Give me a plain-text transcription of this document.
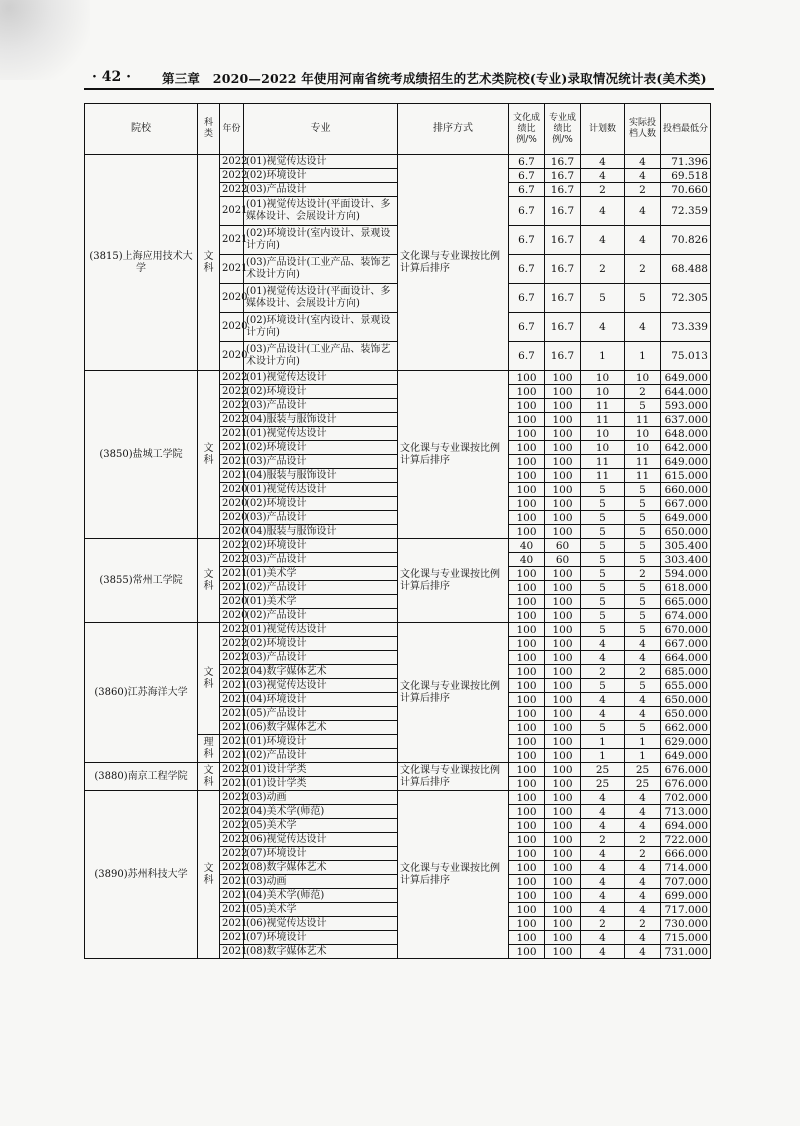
· 42 · 第三章　2020—2022 年使用河南省统考成绩招生的艺术类院校(专业)录取情况统计表(美术类)
院校	科类	年份	专业	排序方式	文化成绩比例/%	专业成绩比例/%	计划数	实际投档人数	投档最低分
(3815)上海应用技术大学	文科	2022	(01)视觉传达设计	文化课与专业课按比例计算后排序	6.7	16.7	4	4	71.396
		2022	(02)环境设计		6.7	16.7	4	4	69.518
		2022	(03)产品设计		6.7	16.7	2	2	70.660
		2021	(01)视觉传达设计(平面设计、多媒体设计、会展设计方向)		6.7	16.7	4	4	72.359
		2021	(02)环境设计(室内设计、景观设计方向)		6.7	16.7	4	4	70.826
		2021	(03)产品设计(工业产品、装饰艺术设计方向)		6.7	16.7	2	2	68.488
		2020	(01)视觉传达设计(平面设计、多媒体设计、会展设计方向)		6.7	16.7	5	5	72.305
		2020	(02)环境设计(室内设计、景观设计方向)		6.7	16.7	4	4	73.339
		2020	(03)产品设计(工业产品、装饰艺术设计方向)		6.7	16.7	1	1	75.013
(3850)盐城工学院	文科	2022	(01)视觉传达设计	文化课与专业课按比例计算后排序	100	100	10	10	649.000
		2022	(02)环境设计		100	100	10	2	644.000
		2022	(03)产品设计		100	100	11	5	593.000
		2022	(04)服装与服饰设计		100	100	11	11	637.000
		2021	(01)视觉传达设计		100	100	10	10	648.000
		2021	(02)环境设计		100	100	10	10	642.000
		2021	(03)产品设计		100	100	11	11	649.000
		2021	(04)服装与服饰设计		100	100	11	11	615.000
		2020	(01)视觉传达设计		100	100	5	5	660.000
		2020	(02)环境设计		100	100	5	5	667.000
		2020	(03)产品设计		100	100	5	5	649.000
		2020	(04)服装与服饰设计		100	100	5	5	650.000
(3855)常州工学院	文科	2022	(02)环境设计	文化课与专业课按比例计算后排序	40	60	5	5	305.400
		2022	(03)产品设计		40	60	5	5	303.400
		2021	(01)美术学		100	100	5	2	594.000
		2021	(02)产品设计		100	100	5	5	618.000
		2020	(01)美术学		100	100	5	5	665.000
		2020	(02)产品设计		100	100	5	5	674.000
(3860)江苏海洋大学	文科	2022	(01)视觉传达设计	文化课与专业课按比例计算后排序	100	100	5	5	670.000
		2022	(02)环境设计		100	100	4	4	667.000
		2022	(03)产品设计		100	100	4	4	664.000
		2022	(04)数字媒体艺术		100	100	2	2	685.000
		2021	(03)视觉传达设计		100	100	5	5	655.000
		2021	(04)环境设计		100	100	4	4	650.000
		2021	(05)产品设计		100	100	4	4	650.000
		2021	(06)数字媒体艺术		100	100	5	5	662.000
	理科	2021	(01)环境设计		100	100	1	1	629.000
		2021	(02)产品设计		100	100	1	1	649.000
(3880)南京工程学院	文科	2022	(01)设计学类	文化课与专业课按比例计算后排序	100	100	25	25	676.000
		2021	(01)设计学类		100	100	25	25	676.000
(3890)苏州科技大学	文科	2022	(03)动画	文化课与专业课按比例计算后排序	100	100	4	4	702.000
		2022	(04)美术学(师范)		100	100	4	4	713.000
		2022	(05)美术学		100	100	4	4	694.000
		2022	(06)视觉传达设计		100	100	2	2	722.000
		2022	(07)环境设计		100	100	4	2	666.000
		2022	(08)数字媒体艺术		100	100	4	4	714.000
		2021	(03)动画		100	100	4	4	707.000
		2021	(04)美术学(师范)		100	100	4	4	699.000
		2021	(05)美术学		100	100	4	4	717.000
		2021	(06)视觉传达设计		100	100	2	2	730.000
		2021	(07)环境设计		100	100	4	4	715.000
		2021	(08)数字媒体艺术		100	100	4	4	731.000
